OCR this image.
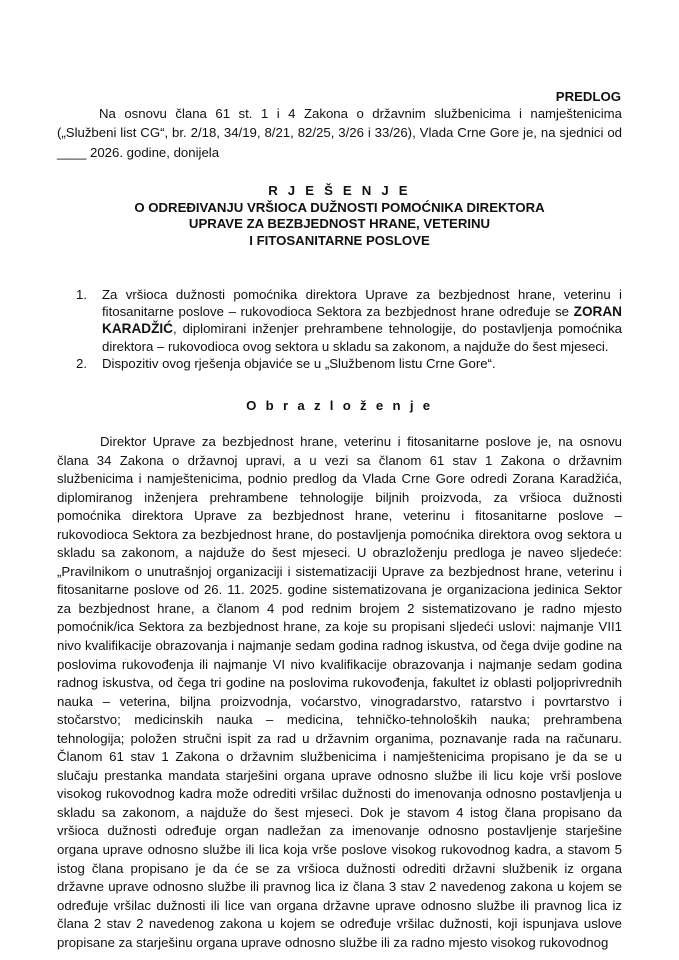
PREDLOG
Na osnovu člana 61 st. 1 i 4 Zakona o državnim službenicima i namještenicima („Službeni list CG“, br. 2/18, 34/19, 8/21, 82/25, 3/26 i 33/26), Vlada Crne Gore je, na sjednici od ____ 2026. godine, donijela
R J E Š E N J E
O ODREĐIVANJU VRŠIOCA DUŽNOSTI POMOĆNIKA DIREKTORA
UPRAVE ZA BEZBJEDNOST HRANE, VETERINU
I FITOSANITARNE POSLOVE
1. Za vršioca dužnosti pomoćnika direktora Uprave za bezbjednost hrane, veterinu i fitosanitarne poslove – rukovodioca Sektora za bezbjednost hrane određuje se ZORAN KARADŽIĆ, diplomirani inženjer prehrambene tehnologije, do postavljenja pomoćnika direktora – rukovodioca ovog sektora u skladu sa zakonom, a najduže do šest mjeseci.
2. Dispozitiv ovog rješenja objaviće se u „Službenom listu Crne Gore“.
O b r a z l o ž e n j e
Direktor Uprave za bezbjednost hrane, veterinu i fitosanitarne poslove je, na osnovu člana 34 Zakona o državnoj upravi, a u vezi sa članom 61 stav 1 Zakona o državnim službenicima i namještenicima, podnio predlog da Vlada Crne Gore odredi Zorana Karadžića, diplomiranog inženjera prehrambene tehnologije biljnih proizvoda, za vršioca dužnosti pomoćnika direktora Uprave za bezbjednost hrane, veterinu i fitosanitarne poslove – rukovodioca Sektora za bezbjednost hrane, do postavljenja pomoćnika direktora ovog sektora u skladu sa zakonom, a najduže do šest mjeseci. U obrazloženju predloga je naveo sljedeće: „Pravilnikom o unutrašnjoj organizaciji i sistematizaciji Uprave za bezbjednost hrane, veterinu i fitosanitarne poslove od 26. 11. 2025. godine sistematizovana je organizaciona jedinica Sektor za bezbjednost hrane, a članom 4 pod rednim brojem 2 sistematizovano je radno mjesto pomoćnik/ica Sektora za bezbjednost hrane, za koje su propisani sljedeći uslovi: najmanje VII1 nivo kvalifikacije obrazovanja i najmanje sedam godina radnog iskustva, od čega dvije godine na poslovima rukovođenja ili najmanje VI nivo kvalifikacije obrazovanja i najmanje sedam godina radnog iskustva, od čega tri godine na poslovima rukovođenja, fakultet iz oblasti poljoprivrednih nauka – veterina, biljna proizvodnja, voćarstvo, vinogradarstvo, ratarstvo i povrtarstvo i stočarstvo; medicinskih nauka – medicina, tehničko-tehnoloških nauka; prehrambena tehnologija; položen stručni ispit za rad u državnim organima, poznavanje rada na računaru. Članom 61 stav 1 Zakona o državnim službenicima i namještenicima propisano je da se u slučaju prestanka mandata starješini organa uprave odnosno službe ili licu koje vrši poslove visokog rukovodnog kadra može odrediti vršilac dužnosti do imenovanja odnosno postavljenja u skladu sa zakonom, a najduže do šest mjeseci. Dok je stavom 4 istog člana propisano da vršioca dužnosti određuje organ nadležan za imenovanje odnosno postavljenje starješine organa uprave odnosno službe ili lica koja vrše poslove visokog rukovodnog kadra, a stavom 5 istog člana propisano je da će se za vršioca dužnosti odrediti državni službenik iz organa državne uprave odnosno službe ili pravnog lica iz člana 3 stav 2 navedenog zakona u kojem se određuje vršilac dužnosti ili lice van organa državne uprave odnosno službe ili pravnog lica iz člana 2 stav 2 navedenog zakona u kojem se određuje vršilac dužnosti, koji ispunjava uslove propisane za starješinu organa uprave odnosno službe ili za radno mjesto visokog rukovodnog
